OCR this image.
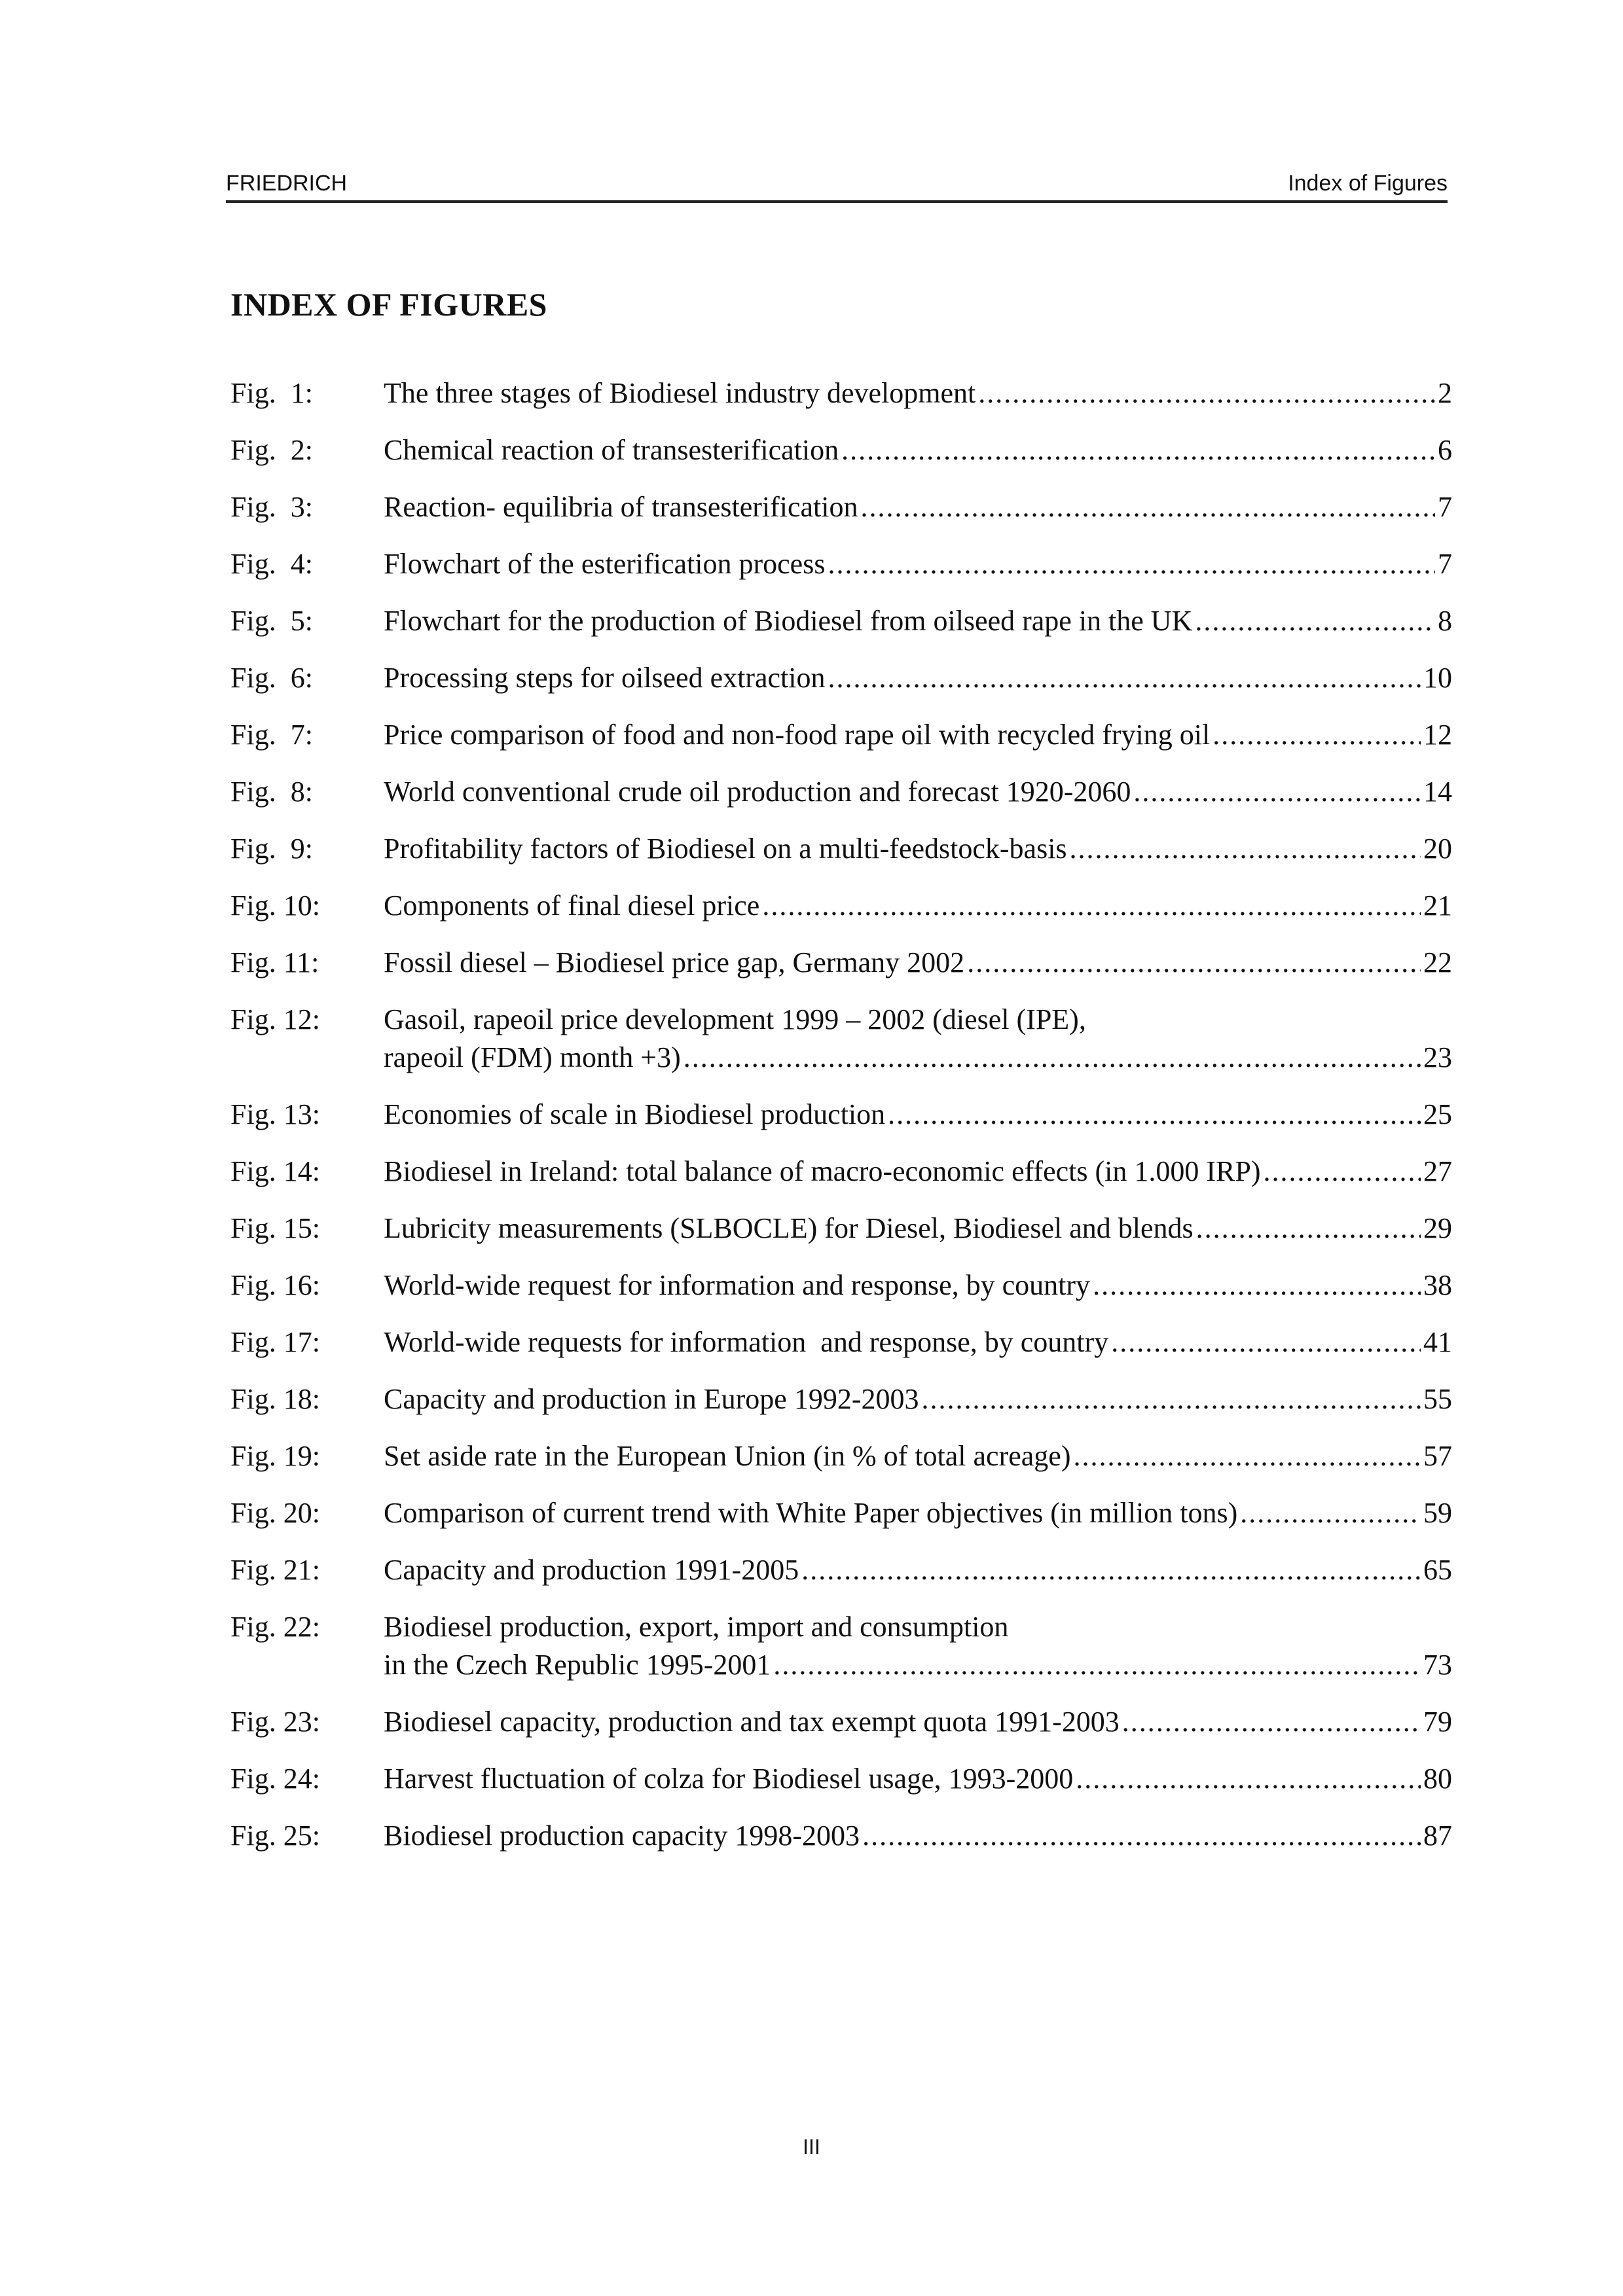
FRIEDRICH	Index of Figures
INDEX OF FIGURES
Fig.  1:	The three stages of Biodiesel industry development .....	2
Fig.  2:	Chemical reaction of transesterification .....	6
Fig.  3:	Reaction- equilibria of transesterification .....	7
Fig.  4:	Flowchart of the esterification process .....	7
Fig.  5:	Flowchart for the production of Biodiesel from oilseed rape in the UK .....	8
Fig.  6:	Processing steps for oilseed extraction .....	10
Fig.  7:	Price comparison of food and non-food rape oil with recycled frying oil .....	12
Fig.  8:	World conventional crude oil production and forecast 1920-2060 .....	14
Fig.  9:	Profitability factors of Biodiesel on a multi-feedstock-basis .....	20
Fig. 10:	Components of final diesel price .....	21
Fig. 11:	Fossil diesel – Biodiesel price gap, Germany 2002 .....	22
Fig. 12:	Gasoil, rapeoil price development 1999 – 2002 (diesel (IPE),
rapeoil (FDM) month +3) .....	23
Fig. 13:	Economies of scale in Biodiesel production .....	25
Fig. 14:	Biodiesel in Ireland: total balance of macro-economic effects (in 1.000 IRP) .....	27
Fig. 15:	Lubricity measurements (SLBOCLE) for Diesel, Biodiesel and blends .....	29
Fig. 16:	World-wide request for information and response, by country .....	38
Fig. 17:	World-wide requests for information  and response, by country .....	41
Fig. 18:	Capacity and production in Europe 1992-2003 .....	55
Fig. 19:	Set aside rate in the European Union (in % of total acreage) .....	57
Fig. 20:	Comparison of current trend with White Paper objectives (in million tons) .....	59
Fig. 21:	Capacity and production 1991-2005 .....	65
Fig. 22:	Biodiesel production, export, import and consumption
in the Czech Republic 1995-2001 .....	73
Fig. 23:	Biodiesel capacity, production and tax exempt quota 1991-2003 .....	79
Fig. 24:	Harvest fluctuation of colza for Biodiesel usage, 1993-2000 .....	80
Fig. 25:	Biodiesel production capacity 1998-2003 .....	87
III
